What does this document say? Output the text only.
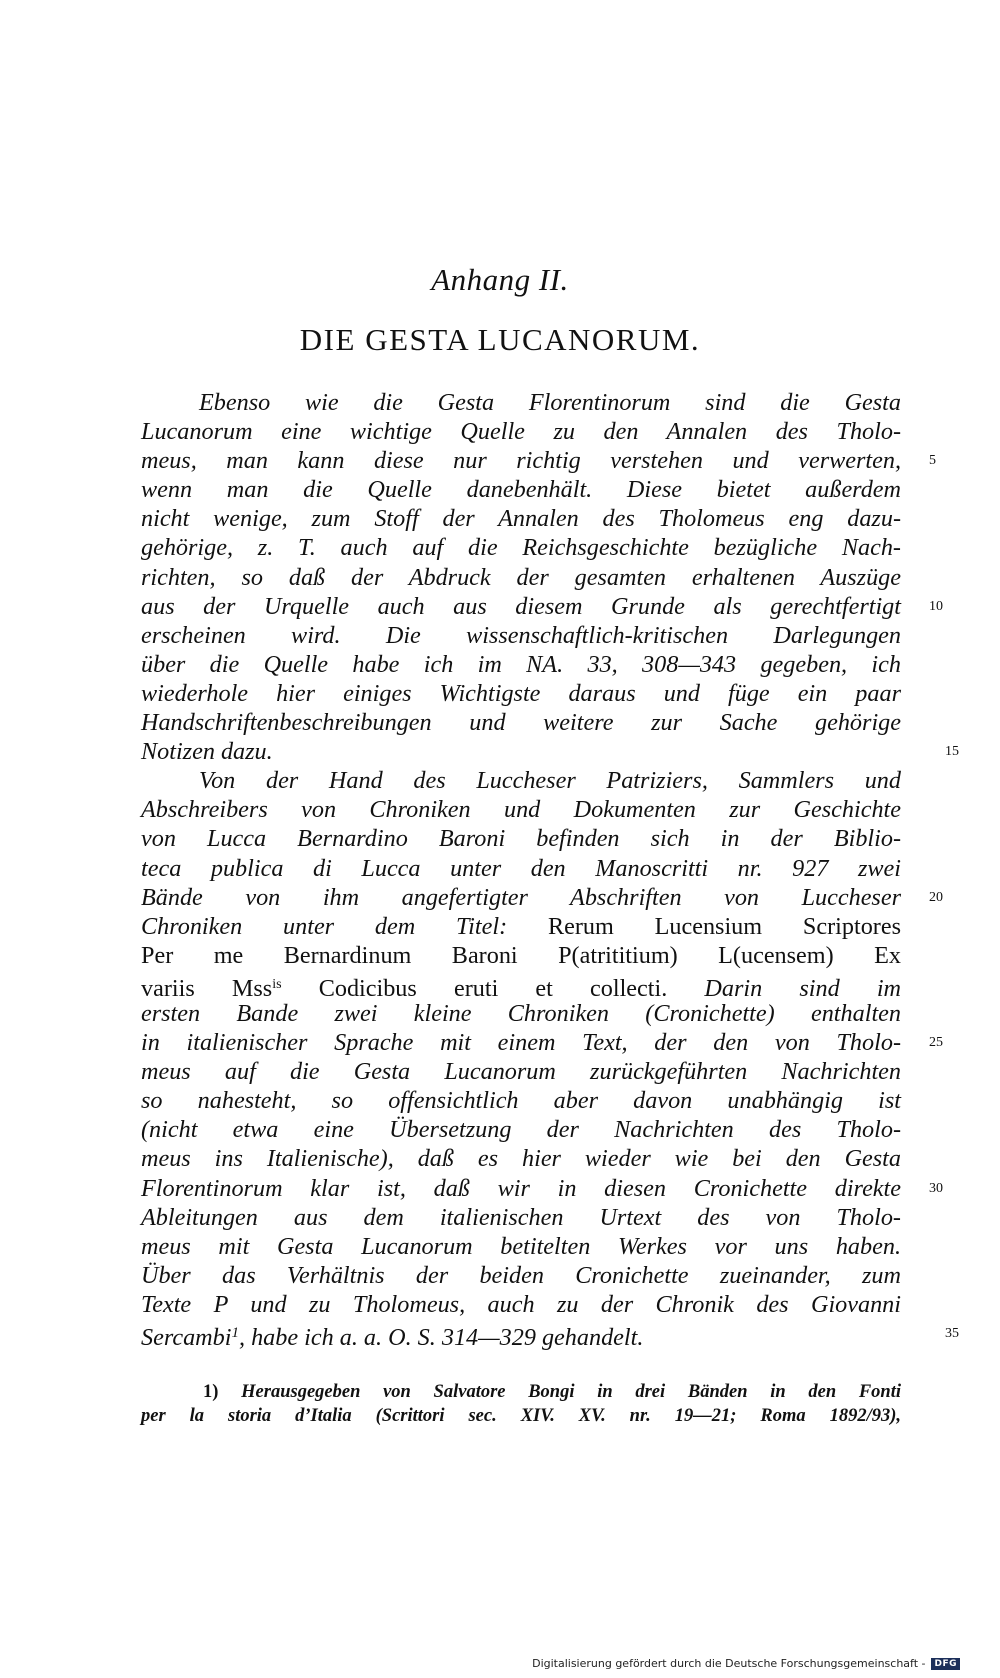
Anhang II.
DIE GESTA LUCANORUM.
Ebenso wie die Gesta Florentinorum sind die Gesta
Lucanorum eine wichtige Quelle zu den Annalen des Tholo-
meus, man kann diese nur richtig verstehen und verwerten, 5
wenn man die Quelle danebenhält. Diese bietet außerdem
nicht wenige, zum Stoff der Annalen des Tholomeus eng dazu-
gehörige, z. T. auch auf die Reichsgeschichte bezügliche Nach-
richten, so daß der Abdruck der gesamten erhaltenen Auszüge
aus der Urquelle auch aus diesem Grunde als gerechtfertigt 10
erscheinen wird. Die wissenschaftlich-kritischen Darlegungen
über die Quelle habe ich im NA. 33, 308—343 gegeben, ich
wiederhole hier einiges Wichtigste daraus und füge ein paar
Handschriftenbeschreibungen und weitere zur Sache gehörige
Notizen dazu.	15
Von der Hand des Luccheser Patriziers, Sammlers und
Abschreibers von Chroniken und Dokumenten zur Geschichte
von Lucca Bernardino Baroni befinden sich in der Biblio-
teca publica di Lucca unter den Manoscritti nr. 927 zwei
Bände von ihm angefertigter Abschriften von Luccheser 20
Chroniken unter dem Titel: Rerum Lucensium Scriptores
Per me Bernardinum Baroni P(atrititium) L(ucensem) Ex
variis Mss$^{is}$ Codicibus eruti et collecti. Darin sind im
ersten Bande zwei kleine Chroniken (Cronichette) enthalten
in italienischer Sprache mit einem Text, der den von Tholo- 25
meus auf die Gesta Lucanorum zurückgeführten Nachrichten
so nahesteht, so offensichtlich aber davon unabhängig ist
(nicht etwa eine Übersetzung der Nachrichten des Tholo-
meus ins Italienische), daß es hier wieder wie bei den Gesta
Florentinorum klar ist, daß wir in diesen Cronichette direkte 30
Ableitungen aus dem italienischen Urtext des von Tholo-
meus mit Gesta Lucanorum betitelten Werkes vor uns haben.
Über das Verhältnis der beiden Cronichette zueinander, zum
Texte P und zu Tholomeus, auch zu der Chronik des Giovanni
Sercambi$^1$, habe ich a. a. O. S. 314—329 gehandelt.	35
1) Herausgegeben von Salvatore Bongi in drei Bänden in den Fonti
per la storia d’Italia (Scrittori sec. XIV. XV. nr. 19—21; Roma 1892/93),
Digitalisierung gefördert durch die Deutsche Forschungsgemeinschaft -	DFG
